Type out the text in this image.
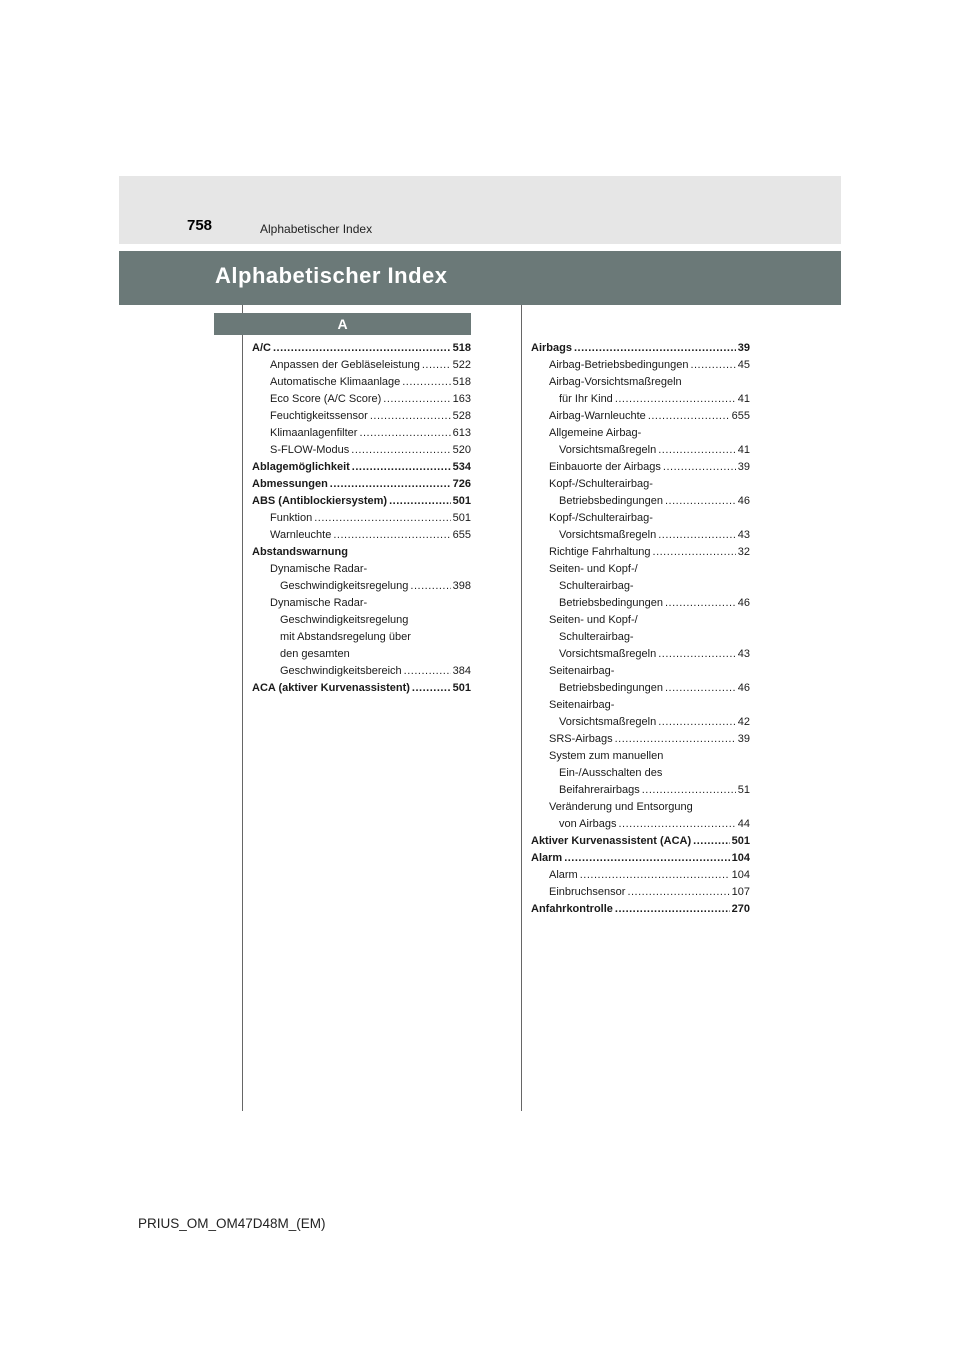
758	Alphabetischer Index
Alphabetischer Index
A
A/C .....	518
Anpassen der Gebläseleistung .....	522
Automatische Klimaanlage .....	518
Eco Score (A/C Score) .....	163
Feuchtigkeitssensor .....	528
Klimaanlagenfilter .....	613
S-FLOW-Modus .....	520
Ablagemöglichkeit .....	534
Abmessungen .....	726
ABS (Antiblockiersystem) .....	501
Funktion .....	501
Warnleuchte .....	655
Abstandswarnung
Dynamische Radar-
Geschwindigkeitsregelung .....	398
Dynamische Radar-
Geschwindigkeitsregelung
mit Abstandsregelung über
den gesamten
Geschwindigkeitsbereich .....	384
ACA (aktiver Kurvenassistent) .....	501
Airbags .....	39
Airbag-Betriebsbedingungen .....	45
Airbag-Vorsichtsmaßregeln
für Ihr Kind .....	41
Airbag-Warnleuchte .....	655
Allgemeine Airbag-
Vorsichtsmaßregeln .....	41
Einbauorte der Airbags .....	39
Kopf-/Schulterairbag-
Betriebsbedingungen .....	46
Kopf-/Schulterairbag-
Vorsichtsmaßregeln .....	43
Richtige Fahrhaltung .....	32
Seiten- und Kopf-/
Schulterairbag-
Betriebsbedingungen .....	46
Seiten- und Kopf-/
Schulterairbag-
Vorsichtsmaßregeln .....	43
Seitenairbag-
Betriebsbedingungen .....	46
Seitenairbag-
Vorsichtsmaßregeln .....	42
SRS-Airbags .....	39
System zum manuellen
Ein-/Ausschalten des
Beifahrerairbags .....	51
Veränderung und Entsorgung
von Airbags .....	44
Aktiver Kurvenassistent (ACA) .....	501
Alarm .....	104
Alarm .....	104
Einbruchsensor .....	107
Anfahrkontrolle .....	270
PRIUS_OM_OM47D48M_(EM)
